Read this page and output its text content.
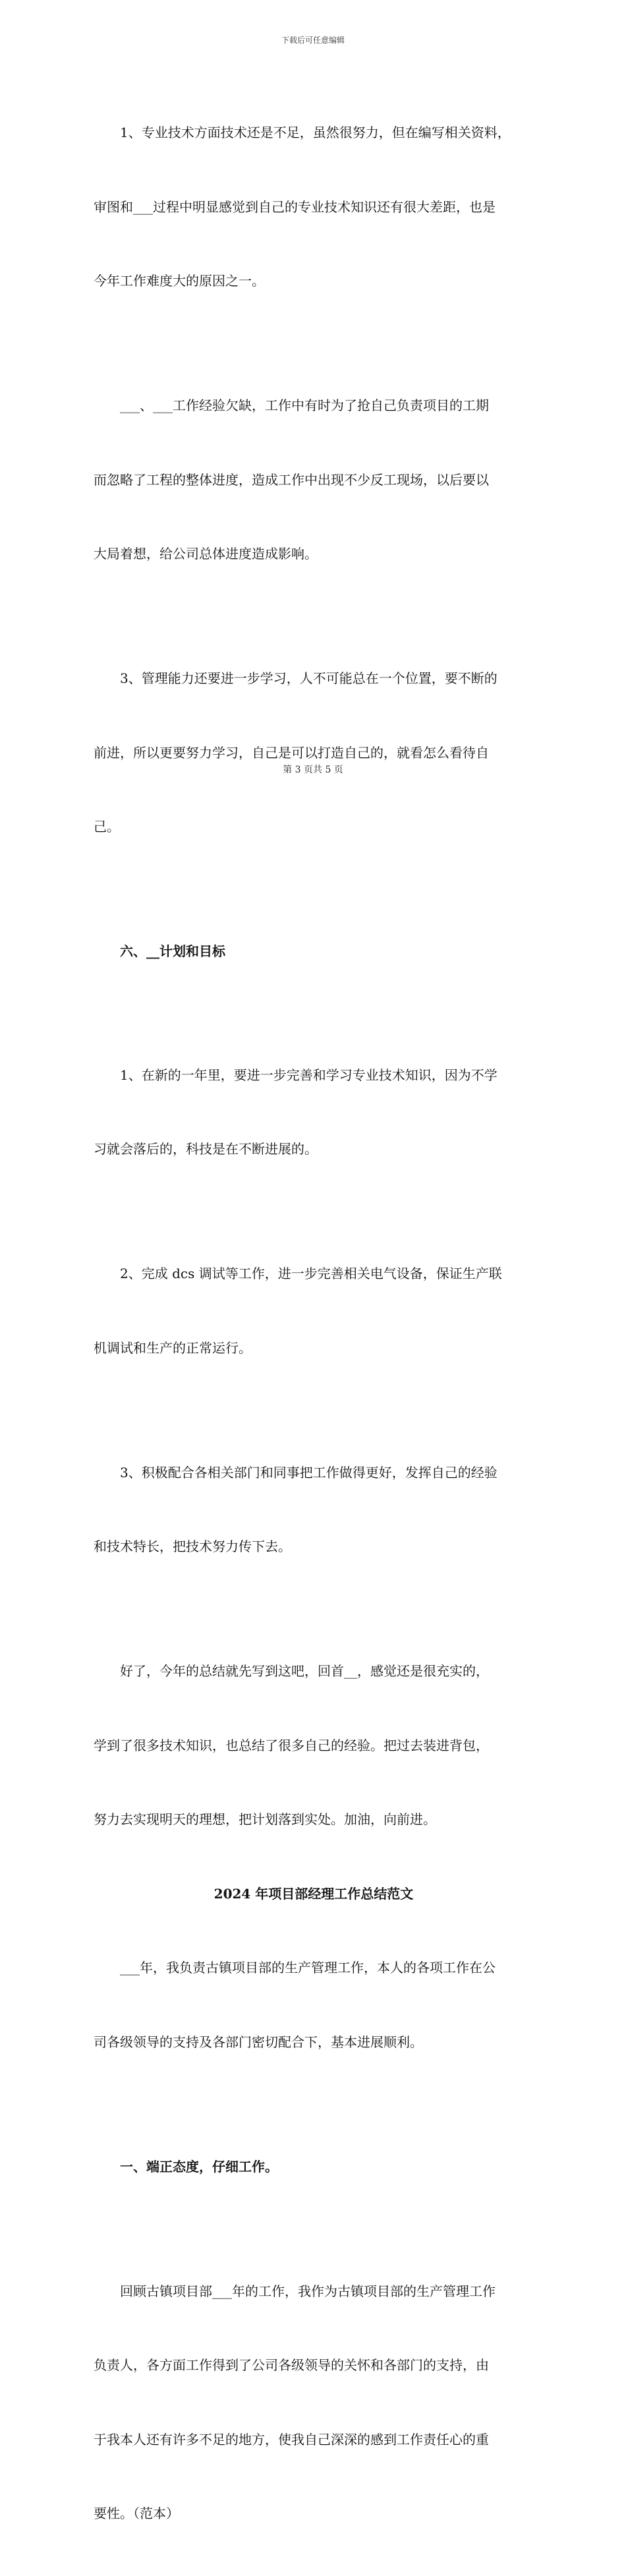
下载后可任意编辑

1、专业技术方面技术还是不足，虽然很努力，但在编写相关资料，

审图和___过程中明显感觉到自己的专业技术知识还有很大差距，也是

今年工作难度大的原因之一。

___、___工作经验欠缺，工作中有时为了抢自己负责项目的工期

而忽略了工程的整体进度，造成工作中出现不少反工现场，以后要以

大局着想，给公司总体进度造成影响。

3、管理能力还要进一步学习，人不可能总在一个位置，要不断的

前进，所以更要努力学习，自己是可以打造自己的，就看怎么看待自

己。

六、__计划和目标

1、在新的一年里，要进一步完善和学习专业技术知识，因为不学

习就会落后的，科技是在不断进展的。

2、完成 dcs 调试等工作，进一步完善相关电气设备，保证生产联

机调试和生产的正常运行。

3、积极配合各相关部门和同事把工作做得更好，发挥自己的经验

和技术特长，把技术努力传下去。

好了，今年的总结就先写到这吧，回首__，感觉还是很充实的，

学到了很多技术知识，也总结了很多自己的经验。把过去装进背包，

努力去实现明天的理想，把计划落到实处。加油，向前进。

2024 年项目部经理工作总结范文

___年，我负责古镇项目部的生产管理工作，本人的各项工作在公

司各级领导的支持及各部门密切配合下，基本进展顺利。

一、端正态度，仔细工作。

回顾古镇项目部___年的工作，我作为古镇项目部的生产管理工作

负责人，各方面工作得到了公司各级领导的关怀和各部门的支持，由

于我本人还有许多不足的地方，使我自己深深的感到工作责任心的重

要性。（范本）

第 3 页共 5 页
